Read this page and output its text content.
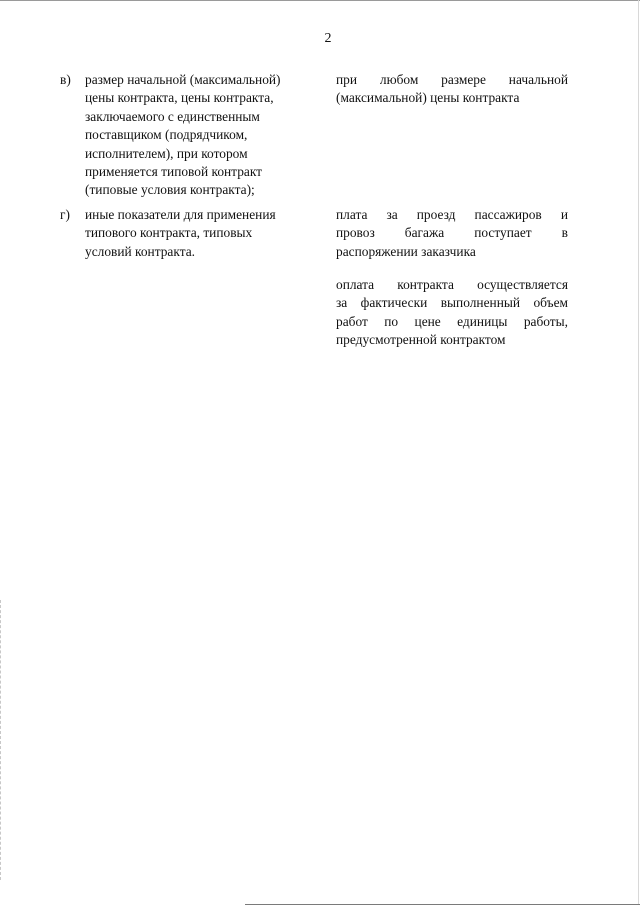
2
в)	размер начальной (максимальной)
цены контракта, цены контракта,
заключаемого с единственным
поставщиком (подрядчиком,
исполнителем), при котором
применяется типовой контракт
(типовые условия контракта);
г)	иные показатели для применения
типового контракта, типовых
условий контракта.
при любом размере начальной
(максимальной) цены контракта
плата за проезд пассажиров и
провоз багажа поступает в
распоряжении заказчика
оплата контракта осуществляется
за фактически выполненный объем
работ по цене единицы работы,
предусмотренной контрактом
